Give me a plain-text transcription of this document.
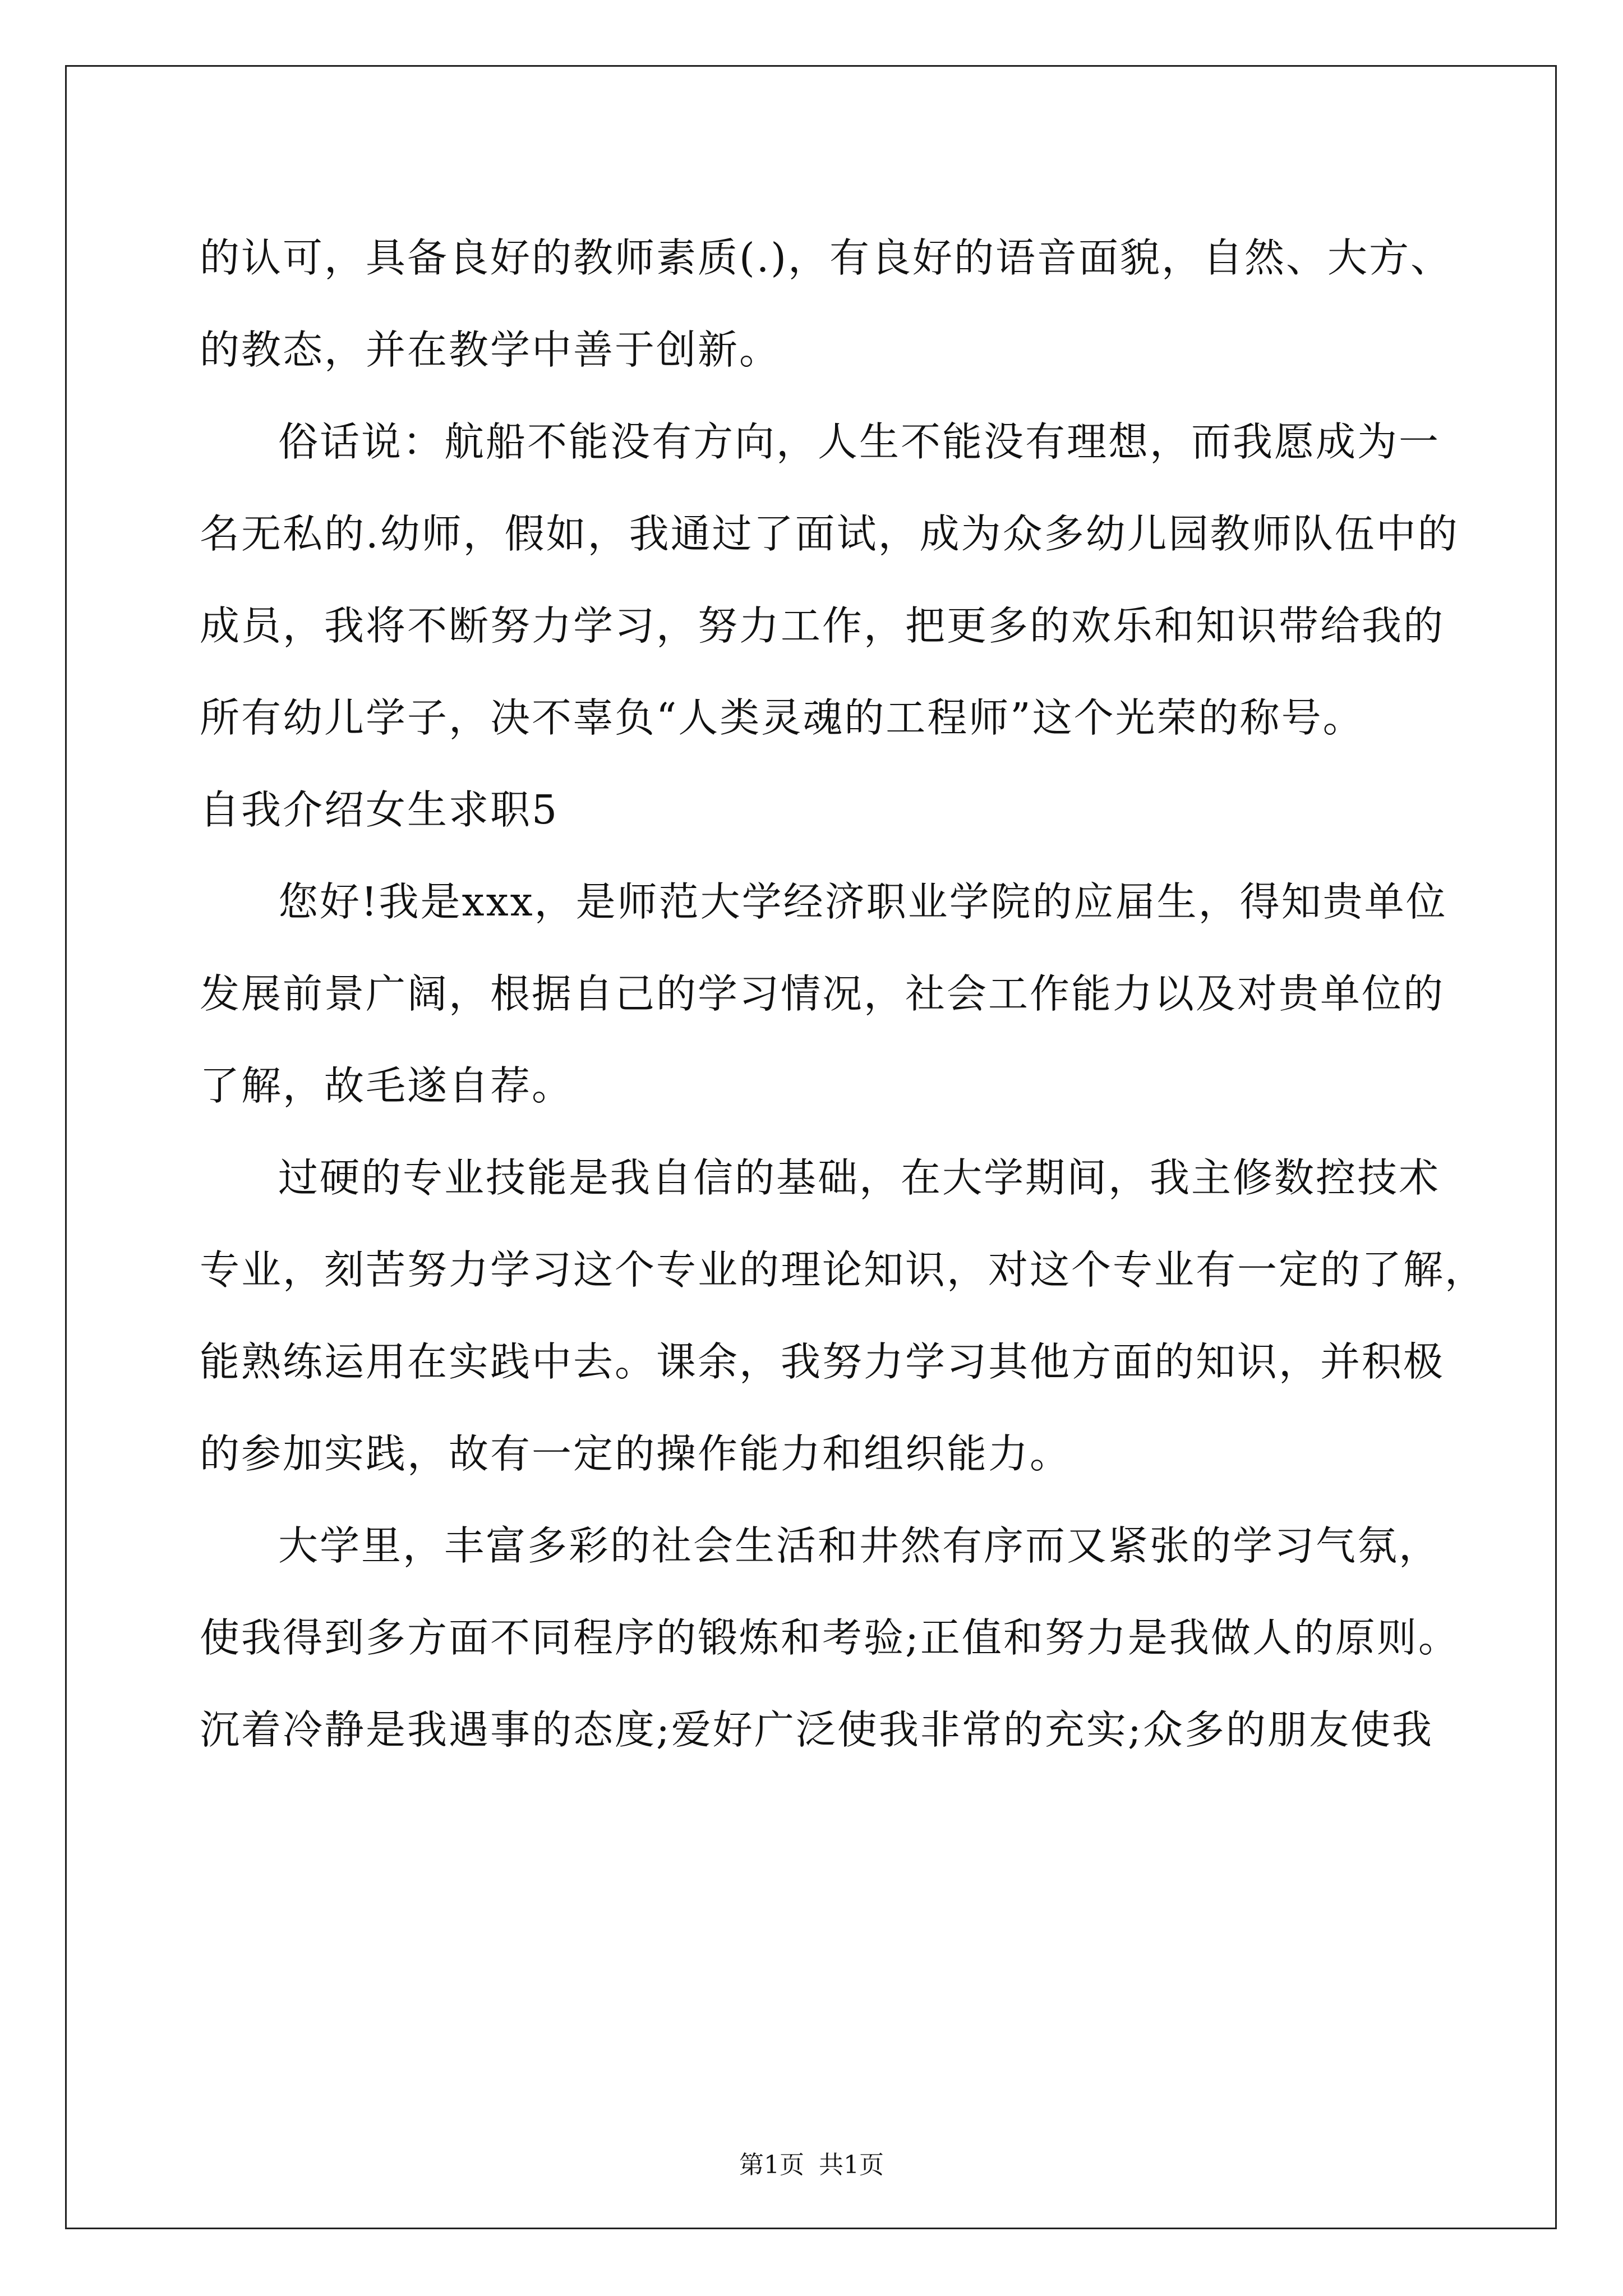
的认可，具备良好的教师素质(.)，有良好的语音面貌，自然、大方、
的教态，并在教学中善于创新。
俗话说：航船不能没有方向，人生不能没有理想，而我愿成为一
名无私的.幼师，假如，我通过了面试，成为众多幼儿园教师队伍中的
成员，我将不断努力学习，努力工作，把更多的欢乐和知识带给我的
所有幼儿学子，决不辜负“人类灵魂的工程师”这个光荣的称号。
自我介绍女生求职5
您好!我是xxx，是师范大学经济职业学院的应届生，得知贵单位
发展前景广阔，根据自己的学习情况，社会工作能力以及对贵单位的
了解，故毛遂自荐。
过硬的专业技能是我自信的基础，在大学期间，我主修数控技术
专业，刻苦努力学习这个专业的理论知识，对这个专业有一定的了解，
能熟练运用在实践中去。课余，我努力学习其他方面的知识，并积极
的参加实践，故有一定的操作能力和组织能力。
大学里，丰富多彩的社会生活和井然有序而又紧张的学习气氛，
使我得到多方面不同程序的锻炼和考验;正值和努力是我做人的原则。
沉着冷静是我遇事的态度;爱好广泛使我非常的充实;众多的朋友使我
第1页 共1页
